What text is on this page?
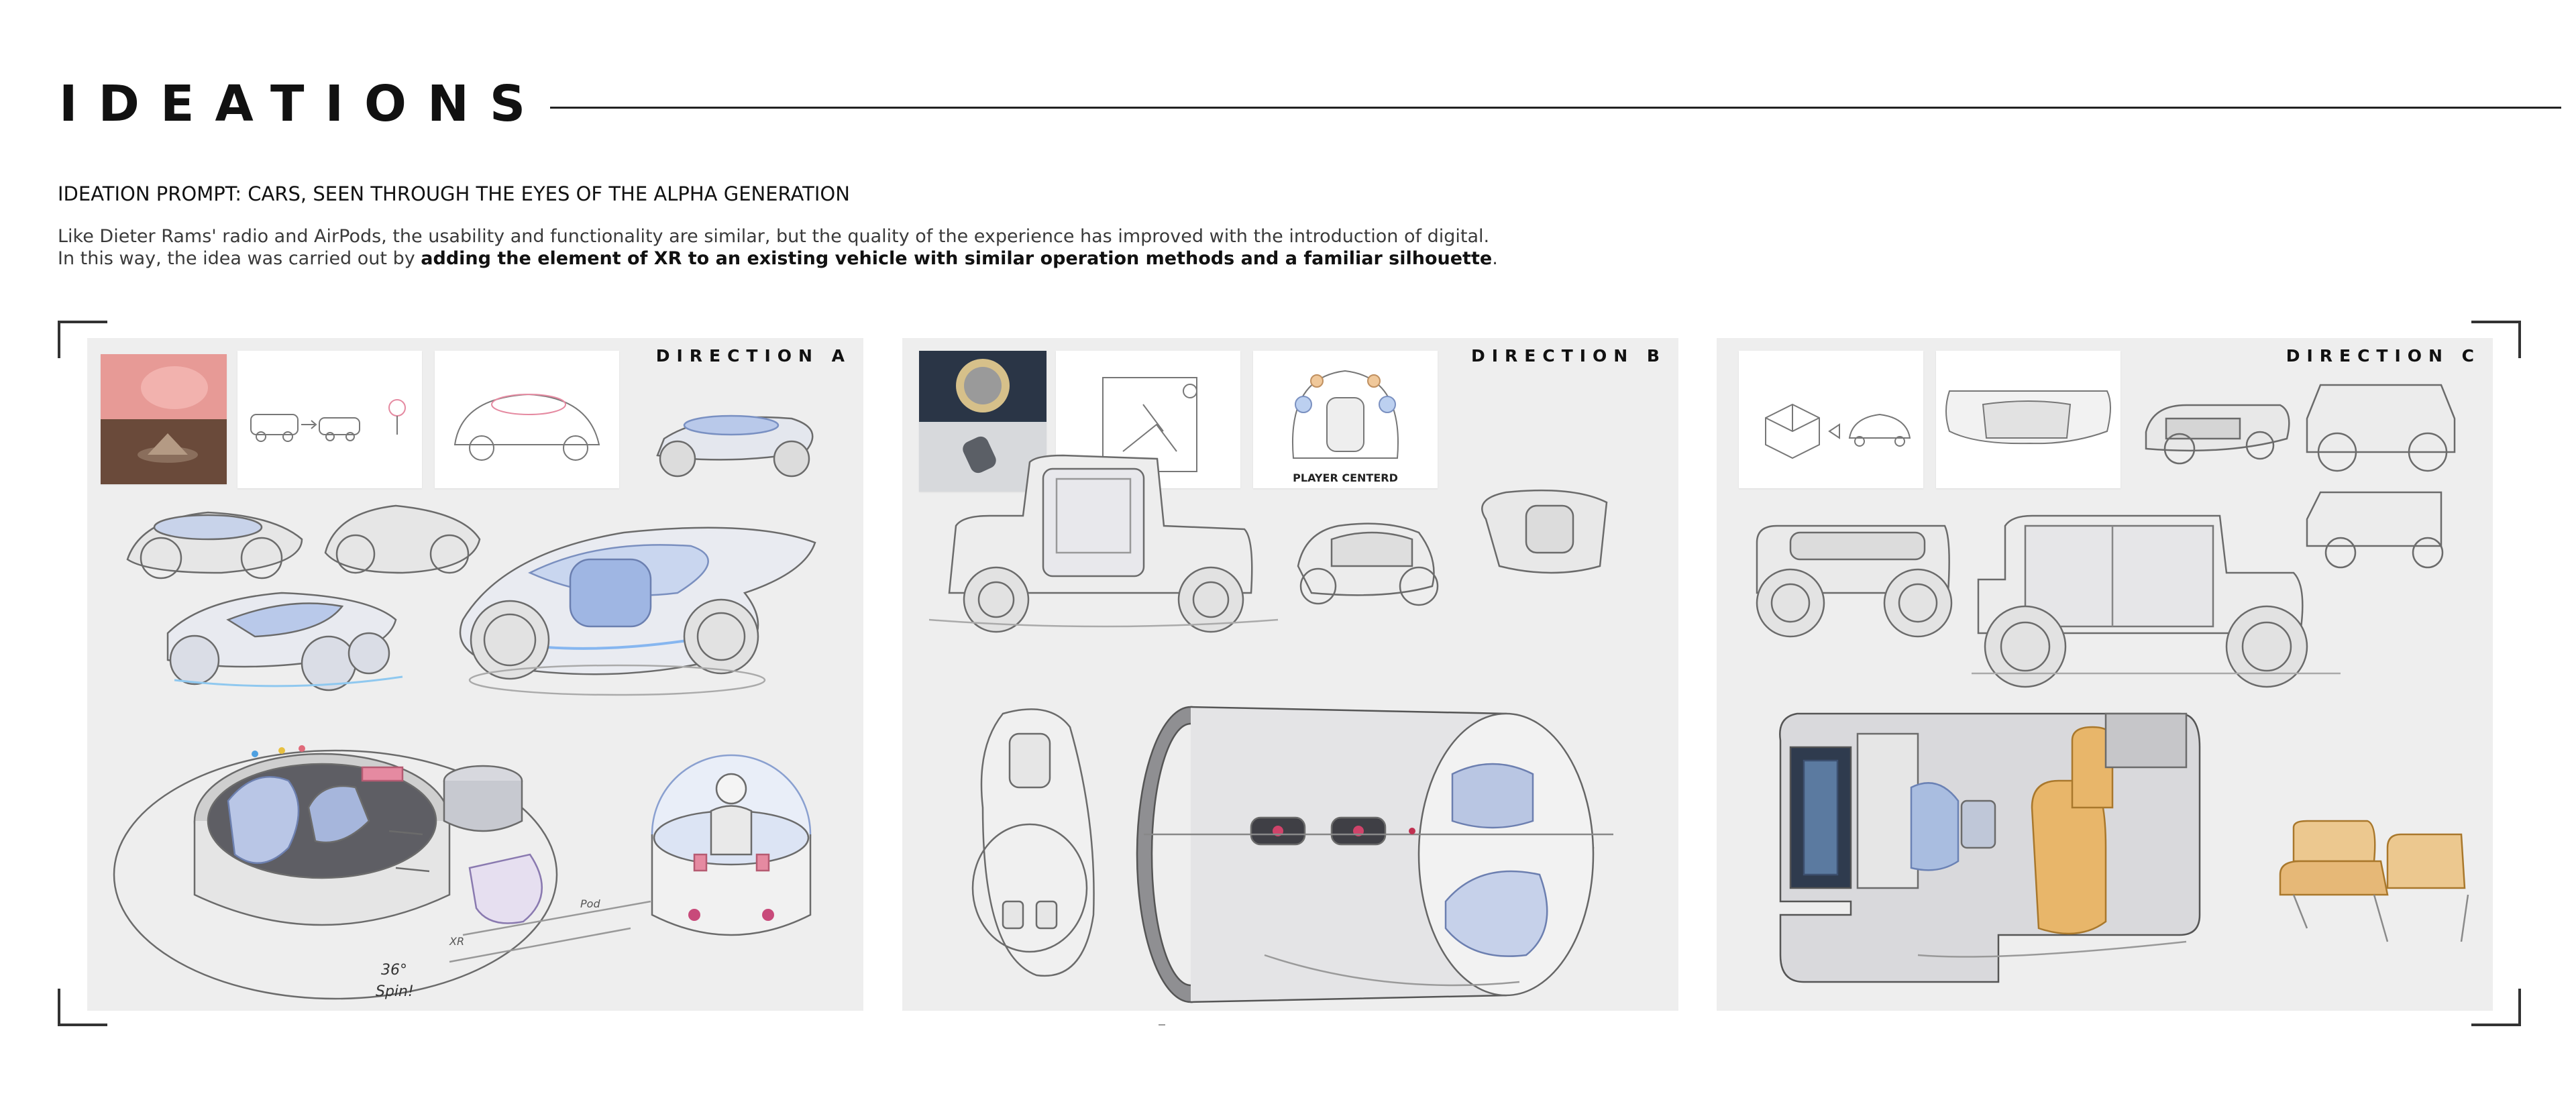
IDEATIONS

IDEATION PROMPT: CARS, SEEN THROUGH THE EYES OF THE ALPHA GENERATION

Like Dieter Rams' radio and AirPods, the usability and functionality are similar, but the quality of the experience has improved with the introduction of digital.
In this way, the idea was carried out by adding the element of XR to an existing vehicle with similar operation methods and a familiar silhouette.

DIRECTION A

36°
Spin!
XR
Pod

DIRECTION B

PLAYER CENTERD

DIRECTION C
